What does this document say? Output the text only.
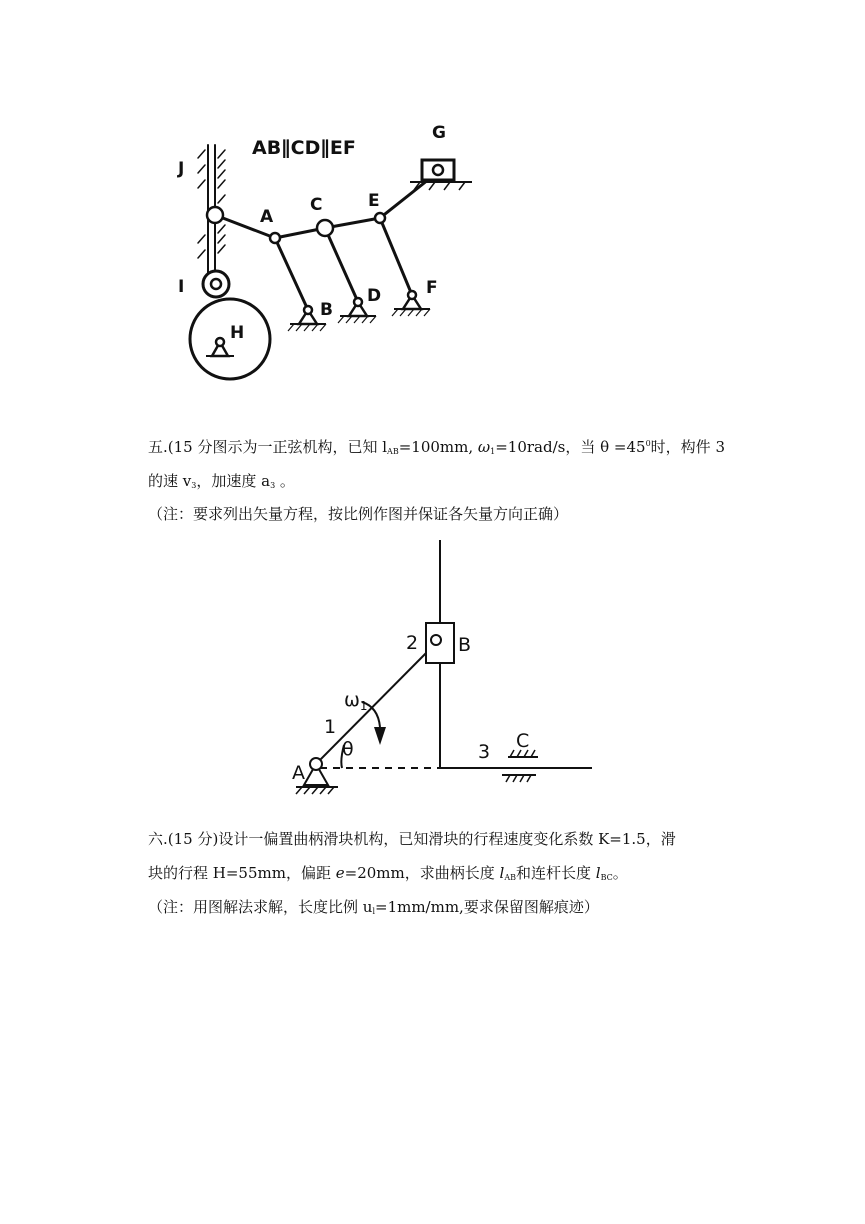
AB∥CD∥EF
J
G
A
C	E
B
D	F
I
H
五.(15 分图示为一正弦机构，已知 $l_{AB}=100mm$, $\omega_1=10rad/s$，当 $\theta =45^0$时，构件 3
的速 $v_3$，加速度 $a_3$ 。
（注：要求列出矢量方程，按比例作图并保证各矢量方向正确）
A
B
C
1
2
3
$\omega_1$
θ
六.(15 分)设计一偏置曲柄滑块机构，已知滑块的行程速度变化系数 K=1.5，滑
块的行程 H=55mm，偏距 e=20mm，求曲柄长度 $l_{AB}$和连杆长度 $l_{BC}$。
（注：用图解法求解，长度比例 $u_l=1mm/mm$,要求保留图解痕迹）
